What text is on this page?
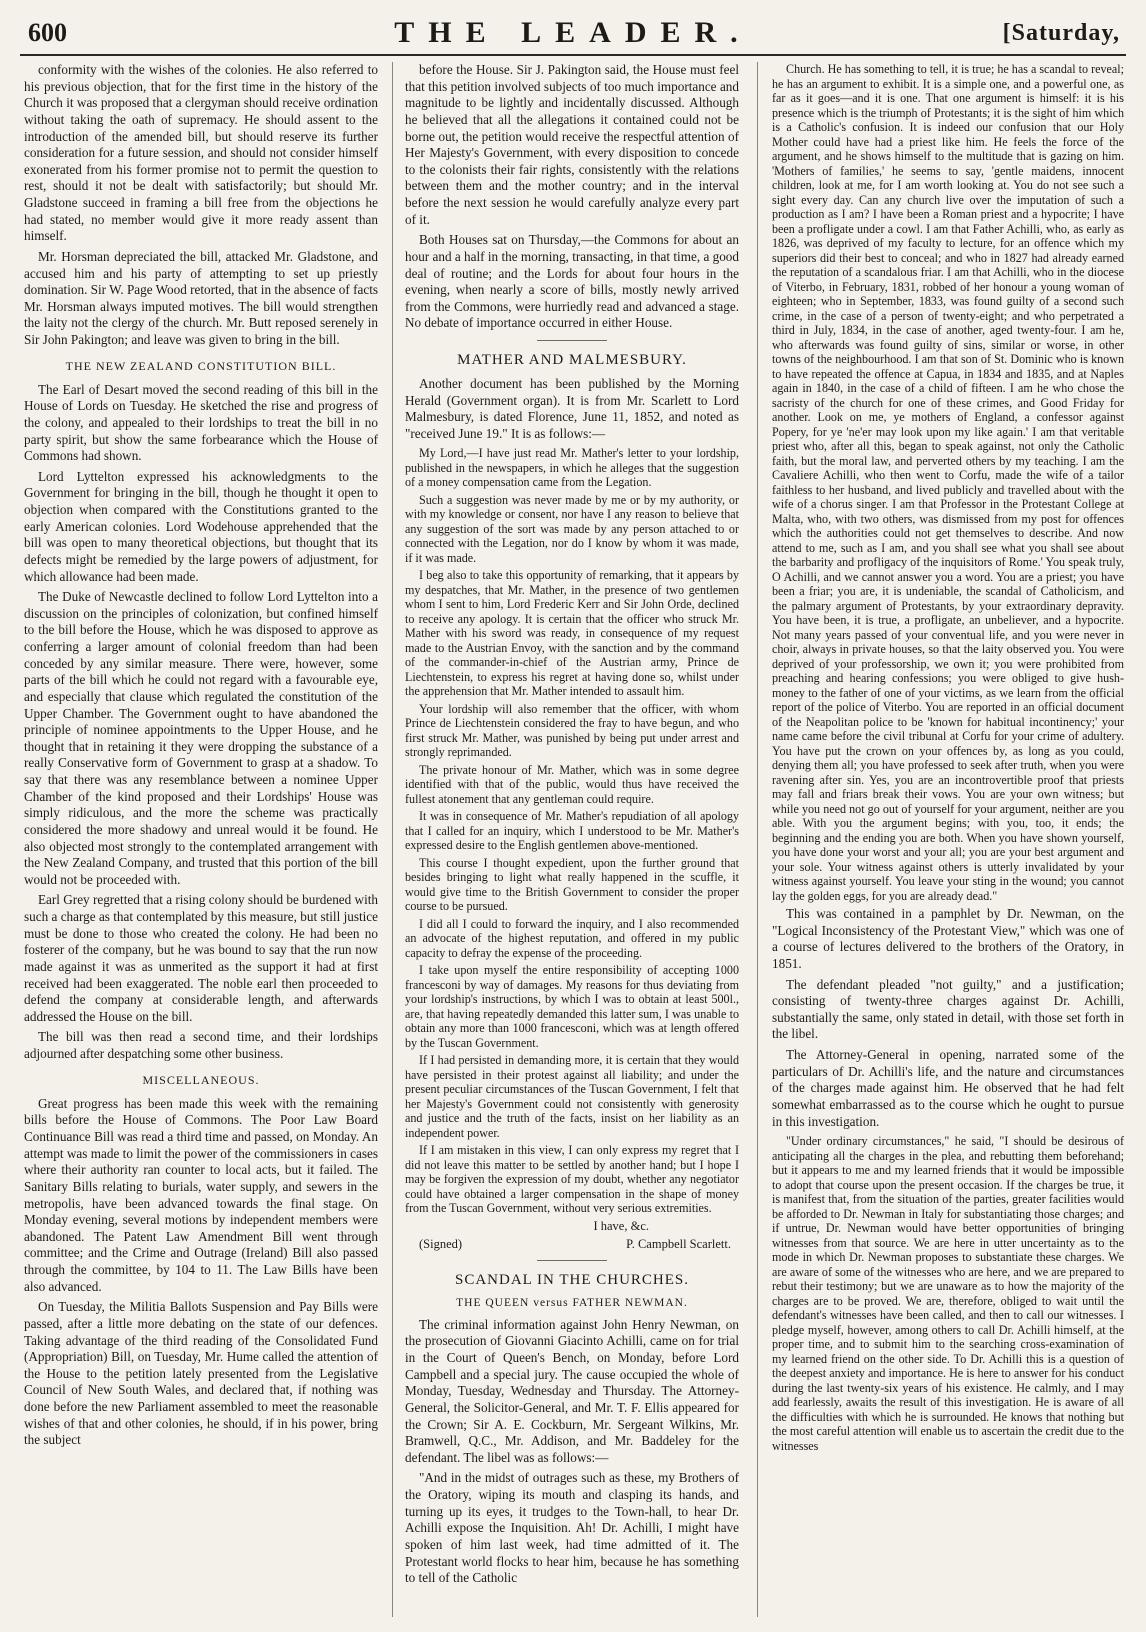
600	THE LEADER.	[Saturday,

conformity with the wishes of the colonies. He also referred to his previous objection, that for the first time in the history of the Church it was proposed that a clergyman should receive ordination without taking the oath of supremacy. He should assent to the introduction of the amended bill, but should reserve its further consideration for a future session, and should not consider himself exonerated from his former promise not to permit the question to rest, should it not be dealt with satisfactorily; but should Mr. Gladstone succeed in framing a bill free from the objections he had stated, no member would give it more ready assent than himself.

Mr. Horsman depreciated the bill, attacked Mr. Gladstone, and accused him and his party of attempting to set up priestly domination. Sir W. Page Wood retorted, that in the absence of facts Mr. Horsman always imputed motives. The bill would strengthen the laity not the clergy of the church. Mr. Butt reposed serenely in Sir John Pakington; and leave was given to bring in the bill.

THE NEW ZEALAND CONSTITUTION BILL.

The Earl of Desart moved the second reading of this bill in the House of Lords on Tuesday. He sketched the rise and progress of the colony, and appealed to their lordships to treat the bill in no party spirit, but show the same forbearance which the House of Commons had shown.

Lord Lyttelton expressed his acknowledgments to the Government for bringing in the bill, though he thought it open to objection when compared with the Constitutions granted to the early American colonies. Lord Wodehouse apprehended that the bill was open to many theoretical objections, but thought that its defects might be remedied by the large powers of adjustment, for which allowance had been made.

The Duke of Newcastle declined to follow Lord Lyttelton into a discussion on the principles of colonization, but confined himself to the bill before the House, which he was disposed to approve as conferring a larger amount of colonial freedom than had been conceded by any similar measure. There were, however, some parts of the bill which he could not regard with a favourable eye, and especially that clause which regulated the constitution of the Upper Chamber. The Government ought to have abandoned the principle of nominee appointments to the Upper House, and he thought that in retaining it they were dropping the substance of a really Conservative form of Government to grasp at a shadow. To say that there was any resemblance between a nominee Upper Chamber of the kind proposed and their Lordships' House was simply ridiculous, and the more the scheme was practically considered the more shadowy and unreal would it be found. He also objected most strongly to the contemplated arrangement with the New Zealand Company, and trusted that this portion of the bill would not be proceeded with.

Earl Grey regretted that a rising colony should be burdened with such a charge as that contemplated by this measure, but still justice must be done to those who created the colony. He had been no fosterer of the company, but he was bound to say that the run now made against it was as unmerited as the support it had at first received had been exaggerated. The noble earl then proceeded to defend the company at considerable length, and afterwards addressed the House on the bill.

The bill was then read a second time, and their lordships adjourned after despatching some other business.

MISCELLANEOUS.

Great progress has been made this week with the remaining bills before the House of Commons. The Poor Law Board Continuance Bill was read a third time and passed, on Monday. An attempt was made to limit the power of the commissioners in cases where their authority ran counter to local acts, but it failed. The Sanitary Bills relating to burials, water supply, and sewers in the metropolis, have been advanced towards the final stage. On Monday evening, several motions by independent members were abandoned. The Patent Law Amendment Bill went through committee; and the Crime and Outrage (Ireland) Bill also passed through the committee, by 104 to 11. The Law Bills have been also advanced.

On Tuesday, the Militia Ballots Suspension and Pay Bills were passed, after a little more debating on the state of our defences. Taking advantage of the third reading of the Consolidated Fund (Appropriation) Bill, on Tuesday, Mr. Hume called the attention of the House to the petition lately presented from the Legislative Council of New South Wales, and declared that, if nothing was done before the new Parliament assembled to meet the reasonable wishes of that and other colonies, he should, if in his power, bring the subject

before the House. Sir J. Pakington said, the House must feel that this petition involved subjects of too much importance and magnitude to be lightly and incidentally discussed. Although he believed that all the allegations it contained could not be borne out, the petition would receive the respectful attention of Her Majesty's Government, with every disposition to concede to the colonists their fair rights, consistently with the relations between them and the mother country; and in the interval before the next session he would carefully analyze every part of it.

Both Houses sat on Thursday,—the Commons for about an hour and a half in the morning, transacting, in that time, a good deal of routine; and the Lords for about four hours in the evening, when nearly a score of bills, mostly newly arrived from the Commons, were hurriedly read and advanced a stage. No debate of importance occurred in either House.

MATHER AND MALMESBURY.

Another document has been published by the Morning Herald (Government organ). It is from Mr. Scarlett to Lord Malmesbury, is dated Florence, June 11, 1852, and noted as "received June 19." It is as follows:—

My Lord,—I have just read Mr. Mather's letter to your lordship, published in the newspapers, in which he alleges that the suggestion of a money compensation came from the Legation.

Such a suggestion was never made by me or by my authority, or with my knowledge or consent, nor have I any reason to believe that any suggestion of the sort was made by any person attached to or connected with the Legation, nor do I know by whom it was made, if it was made.

I beg also to take this opportunity of remarking, that it appears by my despatches, that Mr. Mather, in the presence of two gentlemen whom I sent to him, Lord Frederic Kerr and Sir John Orde, declined to receive any apology. It is certain that the officer who struck Mr. Mather with his sword was ready, in consequence of my request made to the Austrian Envoy, with the sanction and by the command of the commander-in-chief of the Austrian army, Prince de Liechtenstein, to express his regret at having done so, whilst under the apprehension that Mr. Mather intended to assault him.

Your lordship will also remember that the officer, with whom Prince de Liechtenstein considered the fray to have begun, and who first struck Mr. Mather, was punished by being put under arrest and strongly reprimanded.

The private honour of Mr. Mather, which was in some degree identified with that of the public, would thus have received the fullest atonement that any gentleman could require.

It was in consequence of Mr. Mather's repudiation of all apology that I called for an inquiry, which I understood to be Mr. Mather's expressed desire to the English gentlemen above-mentioned.

This course I thought expedient, upon the further ground that besides bringing to light what really happened in the scuffle, it would give time to the British Government to consider the proper course to be pursued.

I did all I could to forward the inquiry, and I also recommended an advocate of the highest reputation, and offered in my public capacity to defray the expense of the proceeding.

I take upon myself the entire responsibility of accepting 1000 francesconi by way of damages. My reasons for thus deviating from your lordship's instructions, by which I was to obtain at least 500l., are, that having repeatedly demanded this latter sum, I was unable to obtain any more than 1000 francesconi, which was at length offered by the Tuscan Government.

If I had persisted in demanding more, it is certain that they would have persisted in their protest against all liability; and under the present peculiar circumstances of the Tuscan Government, I felt that her Majesty's Government could not consistently with generosity and justice and the truth of the facts, insist on her liability as an independent power.

If I am mistaken in this view, I can only express my regret that I did not leave this matter to be settled by another hand; but I hope I may be forgiven the expression of my doubt, whether any negotiator could have obtained a larger compensation in the shape of money from the Tuscan Government, without very serious extremities.

I have, &c.
(Signed)	P. Campbell Scarlett.
SCANDAL IN THE CHURCHES.
THE QUEEN versus FATHER NEWMAN.

The criminal information against John Henry Newman, on the prosecution of Giovanni Giacinto Achilli, came on for trial in the Court of Queen's Bench, on Monday, before Lord Campbell and a special jury. The cause occupied the whole of Monday, Tuesday, Wednesday and Thursday. The Attorney-General, the Solicitor-General, and Mr. T. F. Ellis appeared for the Crown; Sir A. E. Cockburn, Mr. Sergeant Wilkins, Mr. Bramwell, Q.C., Mr. Addison, and Mr. Baddeley for the defendant. The libel was as follows:—

"And in the midst of outrages such as these, my Brothers of the Oratory, wiping its mouth and clasping its hands, and turning up its eyes, it trudges to the Town-hall, to hear Dr. Achilli expose the Inquisition. Ah! Dr. Achilli, I might have spoken of him last week, had time admitted of it. The Protestant world flocks to hear him, because he has something to tell of the Catholic

Church. He has something to tell, it is true; he has a scandal to reveal; he has an argument to exhibit. It is a simple one, and a powerful one, as far as it goes—and it is one. That one argument is himself: it is his presence which is the triumph of Protestants; it is the sight of him which is a Catholic's confusion. It is indeed our confusion that our Holy Mother could have had a priest like him. He feels the force of the argument, and he shows himself to the multitude that is gazing on him. 'Mothers of families,' he seems to say, 'gentle maidens, innocent children, look at me, for I am worth looking at. You do not see such a sight every day. Can any church live over the imputation of such a production as I am? I have been a Roman priest and a hypocrite; I have been a profligate under a cowl. I am that Father Achilli, who, as early as 1826, was deprived of my faculty to lecture, for an offence which my superiors did their best to conceal; and who in 1827 had already earned the reputation of a scandalous friar. I am that Achilli, who in the diocese of Viterbo, in February, 1831, robbed of her honour a young woman of eighteen; who in September, 1833, was found guilty of a second such crime, in the case of a person of twenty-eight; and who perpetrated a third in July, 1834, in the case of another, aged twenty-four. I am he, who afterwards was found guilty of sins, similar or worse, in other towns of the neighbourhood. I am that son of St. Dominic who is known to have repeated the offence at Capua, in 1834 and 1835, and at Naples again in 1840, in the case of a child of fifteen. I am he who chose the sacristy of the church for one of these crimes, and Good Friday for another. Look on me, ye mothers of England, a confessor against Popery, for ye 'ne'er may look upon my like again.' I am that veritable priest who, after all this, began to speak against, not only the Catholic faith, but the moral law, and perverted others by my teaching. I am the Cavaliere Achilli, who then went to Corfu, made the wife of a tailor faithless to her husband, and lived publicly and travelled about with the wife of a chorus singer. I am that Professor in the Protestant College at Malta, who, with two others, was dismissed from my post for offences which the authorities could not get themselves to describe. And now attend to me, such as I am, and you shall see what you shall see about the barbarity and profligacy of the inquisitors of Rome.' You speak truly, O Achilli, and we cannot answer you a word. You are a priest; you have been a friar; you are, it is undeniable, the scandal of Catholicism, and the palmary argument of Protestants, by your extraordinary depravity. You have been, it is true, a profligate, an unbeliever, and a hypocrite. Not many years passed of your conventual life, and you were never in choir, always in private houses, so that the laity observed you. You were deprived of your professorship, we own it; you were prohibited from preaching and hearing confessions; you were obliged to give hush-money to the father of one of your victims, as we learn from the official report of the police of Viterbo. You are reported in an official document of the Neapolitan police to be 'known for habitual incontinency;' your name came before the civil tribunal at Corfu for your crime of adultery. You have put the crown on your offences by, as long as you could, denying them all; you have professed to seek after truth, when you were ravening after sin. Yes, you are an incontrovertible proof that priests may fall and friars break their vows. You are your own witness; but while you need not go out of yourself for your argument, neither are you able. With you the argument begins; with you, too, it ends; the beginning and the ending you are both. When you have shown yourself, you have done your worst and your all; you are your best argument and your sole. Your witness against others is utterly invalidated by your witness against yourself. You leave your sting in the wound; you cannot lay the golden eggs, for you are already dead."

This was contained in a pamphlet by Dr. Newman, on the "Logical Inconsistency of the Protestant View," which was one of a course of lectures delivered to the brothers of the Oratory, in 1851.

The defendant pleaded "not guilty," and a justification; consisting of twenty-three charges against Dr. Achilli, substantially the same, only stated in detail, with those set forth in the libel.

The Attorney-General in opening, narrated some of the particulars of Dr. Achilli's life, and the nature and circumstances of the charges made against him. He observed that he had felt somewhat embarrassed as to the course which he ought to pursue in this investigation.

"Under ordinary circumstances," he said, "I should be desirous of anticipating all the charges in the plea, and rebutting them beforehand; but it appears to me and my learned friends that it would be impossible to adopt that course upon the present occasion. If the charges be true, it is manifest that, from the situation of the parties, greater facilities would be afforded to Dr. Newman in Italy for substantiating those charges; and if untrue, Dr. Newman would have better opportunities of bringing witnesses from that source. We are here in utter uncertainty as to the mode in which Dr. Newman proposes to substantiate these charges. We are aware of some of the witnesses who are here, and we are prepared to rebut their testimony; but we are unaware as to how the majority of the charges are to be proved. We are, therefore, obliged to wait until the defendant's witnesses have been called, and then to call our witnesses. I pledge myself, however, among others to call Dr. Achilli himself, at the proper time, and to submit him to the searching cross-examination of my learned friend on the other side. To Dr. Achilli this is a question of the deepest anxiety and importance. He is here to answer for his conduct during the last twenty-six years of his existence. He calmly, and I may add fearlessly, awaits the result of this investigation. He is aware of all the difficulties with which he is surrounded. He knows that nothing but the most careful attention will enable us to ascertain the credit due to the witnesses
